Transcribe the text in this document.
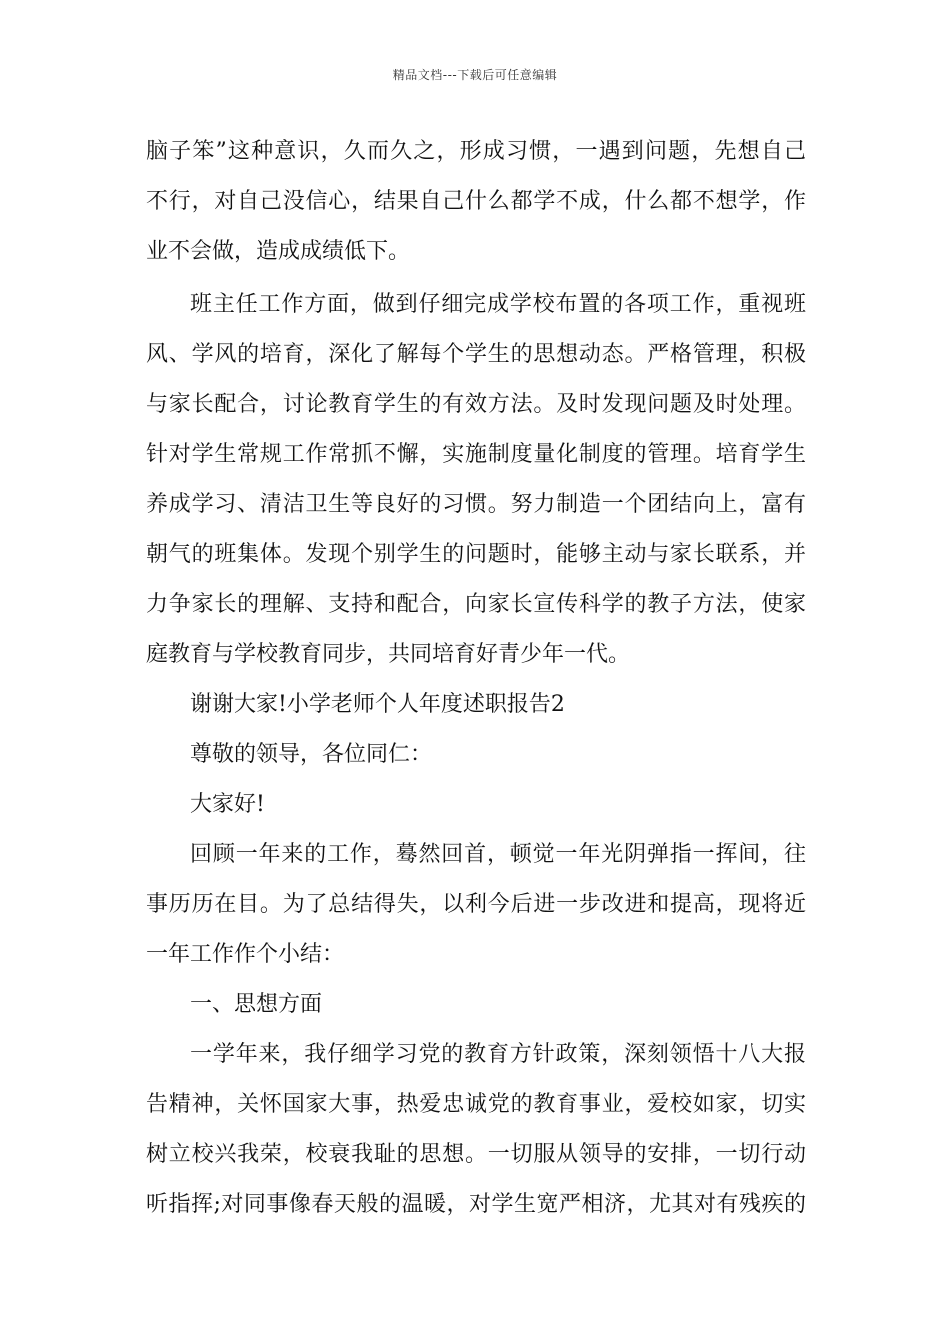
精品文档---下载后可任意编辑
脑子笨”这种意识，久而久之，形成习惯，一遇到问题，先想自己
不行，对自己没信心，结果自己什么都学不成，什么都不想学，作
业不会做，造成成绩低下。
班主任工作方面，做到仔细完成学校布置的各项工作，重视班
风、学风的培育，深化了解每个学生的思想动态。严格管理，积极
与家长配合，讨论教育学生的有效方法。及时发现问题及时处理。
针对学生常规工作常抓不懈，实施制度量化制度的管理。培育学生
养成学习、清洁卫生等良好的习惯。努力制造一个团结向上，富有
朝气的班集体。发现个别学生的问题时，能够主动与家长联系，并
力争家长的理解、支持和配合，向家长宣传科学的教子方法，使家
庭教育与学校教育同步，共同培育好青少年一代。
谢谢大家!小学老师个人年度述职报告2
尊敬的领导，各位同仁：
大家好!
回顾一年来的工作，蓦然回首，顿觉一年光阴弹指一挥间，往
事历历在目。为了总结得失，以利今后进一步改进和提高，现将近
一年工作作个小结：
一、思想方面
一学年来，我仔细学习党的教育方针政策，深刻领悟十八大报
告精神，关怀国家大事，热爱忠诚党的教育事业，爱校如家，切实
树立校兴我荣，校衰我耻的思想。一切服从领导的安排，一切行动
听指挥;对同事像春天般的温暖，对学生宽严相济，尤其对有残疾的
